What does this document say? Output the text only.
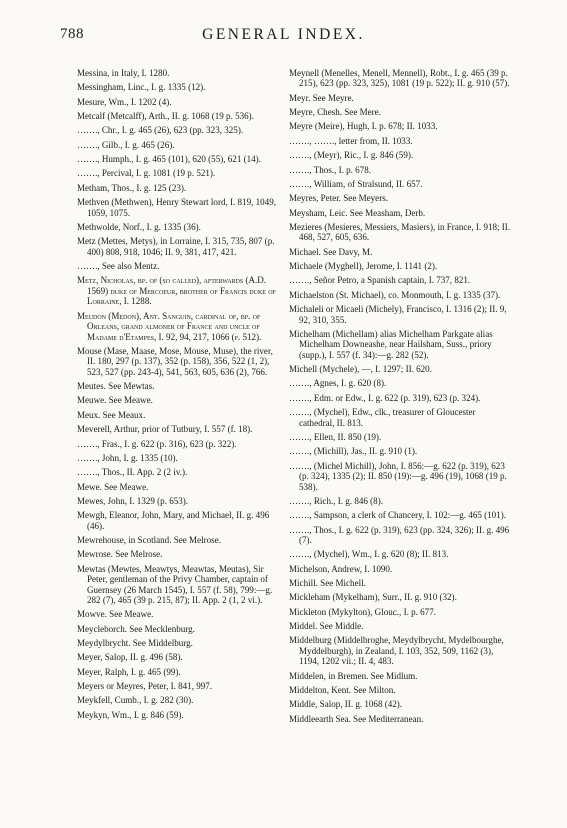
788	GENERAL INDEX.

Messina, in Italy, I. 1280.

Messingham, Linc., I. g. 1335 (12).

Mesure, Wm., I. 1202 (4).

Metcalf (Metcalff), Arth., II. g. 1068 (19 p. 536).

……., Chr., I. g. 465 (26), 623 (pp. 323, 325).

……., Gilb., I. g. 465 (26).

……., Humph., I. g. 465 (101), 620 (55), 621 (14).

……., Percival, I. g. 1081 (19 p. 521).

Metham, Thos., I. g. 125 (23).

Methven (Methwen), Henry Stewart lord, I. 819, 1049, 1059, 1075.

Methwolde, Norf., I. g. 1335 (36).

Metz (Mettes, Metys), in Lorraine, I. 315, 735, 807 (p. 400) 808, 918, 1046; II. 9, 381, 417, 421.

……., See also Mentz.

Metz, Nicholas, bp. of (so called), afterwards (A.D. 1569) duke of Mercoeur, brother of Francis duke of Lorraine, I. 1288.

Meudon (Medon), Ant. Sanguin, cardinal of, bp. of Orleans, grand almoner of France and uncle of Madame d'Etampes, I. 92, 94, 217, 1066 (p. 512).

Mouse (Mase, Maase, Mose, Mouse, Muse), the river, II. 180, 297 (p. 137), 352 (p. 158), 356, 522 (1, 2), 523, 527 (pp. 243-4), 541, 563, 605, 636 (2), 766.

Meutes. See Mewtas.

Meuwe. See Meawe.

Meux. See Meaux.

Meverell, Arthur, prior of Tutbury, I. 557 (f. 18).

……., Fras., I. g. 622 (p. 316), 623 (p. 322).

……., John, I. g. 1335 (10).

……., Thos., II. App. 2 (2 iv.).

Mewe. See Meawe.

Mewes, John, I. 1329 (p. 653).

Mewgh, Eleanor, John, Mary, and Michael, II. g. 496 (46).

Mewrehouse, in Scotland. See Melrose.

Mewrose. See Melrose.

Mewtas (Mewtes, Meawtys, Meawtas, Meutas), Sir Peter, gentleman of the Privy Chamber, captain of Guernsey (26 March 1545), I. 557 (f. 58), 799:—g. 282 (7), 465 (39 p. 215, 87); II. App. 2 (1, 2 vi.).

Mowve. See Meawe.

Meycleborch. See Mecklenburg.

Meydylbrycht. See Middelburg.

Meyer, Salop, II. g. 496 (58).

Meyer, Ralph, I. g. 465 (99).

Meyers or Meyres, Peter, I. 841, 997.

Meykfell, Cumb., I. g. 282 (30).

Meykyn, Wm., I. g. 846 (59).

Meynell (Menelles, Menell, Mennell), Robt., I. g. 465 (39 p. 215), 623 (pp. 323, 325), 1081 (19 p. 522); II. g. 910 (57).

Meyr. See Meyre.

Meyre, Chesh. See Mere.

Meyre (Meire), Hugh, I. p. 678; II. 1033.

……., ……., letter from, II. 1033.

……., (Meyr), Ric., I. g. 846 (59).

……., Thos., I. p. 678.

……., William, of Stralsund, II. 657.

Meyres, Peter. See Meyers.

Meysham, Leic. See Measham, Derb.

Mezieres (Mesieres, Messiers, Masiers), in France, I. 918; II. 468, 527, 605, 636.

Michael. See Davy, M.

Michaele (Myghell), Jerome, I. 1141 (2).

……., Señor Petro, a Spanish captain, I. 737, 821.

Michaelston (St. Michael), co. Monmouth, I. g. 1335 (37).

Michaleli or Micaeli (Michely), Francisco, I. 1316 (2); II. 9, 92, 310, 355.

Michelham (Michellam) alias Michelham Parkgate alias Michelham Downeashe, near Hailsham, Suss., priory (supp.), I. 557 (f. 34):—g. 282 (52).

Michell (Mychele), —, I. 1297; II. 620.

……., Agnes, I. g. 620 (8).

……., Edm. or Edw., I. g. 622 (p. 319), 623 (p. 324).

……., (Mychel), Edw., clk., treasurer of Gloucester cathedral, II. 813.

……., Ellen, II. 850 (19).

……., (Michill), Jas., II. g. 910 (1).

……., (Michel Michill), John, I. 856:—g. 622 (p. 319), 623 (p. 324), 1335 (2); II. 850 (19):—g. 496 (19), 1068 (19 p. 538).

……., Rich., I. g. 846 (8).

……., Sampson, a clerk of Chancery, I. 102:—g. 465 (101).

……., Thos., I. g. 622 (p. 319), 623 (pp. 324, 326); II. g. 496 (7).

……., (Mychel), Wm., I. g. 620 (8); II. 813.

Michelson, Andrew, I. 1090.

Michill. See Michell.

Mickleham (Mykelham), Surr., II. g. 910 (32).

Mickleton (Mykylton), Glouc., I. p. 677.

Middel. See Middle.

Middelburg (Middelbroghe, Meydylbrycht, Mydelbourghe, Myddelburgh), in Zealand, I. 103, 352, 509, 1162 (3), 1194, 1202 vii.; II. 4, 483.

Middelen, in Bremen. See Midlum.

Middelton, Kent. See Milton.

Middle, Salop, II. g. 1068 (42).

Middleearth Sea. See Mediterranean.
